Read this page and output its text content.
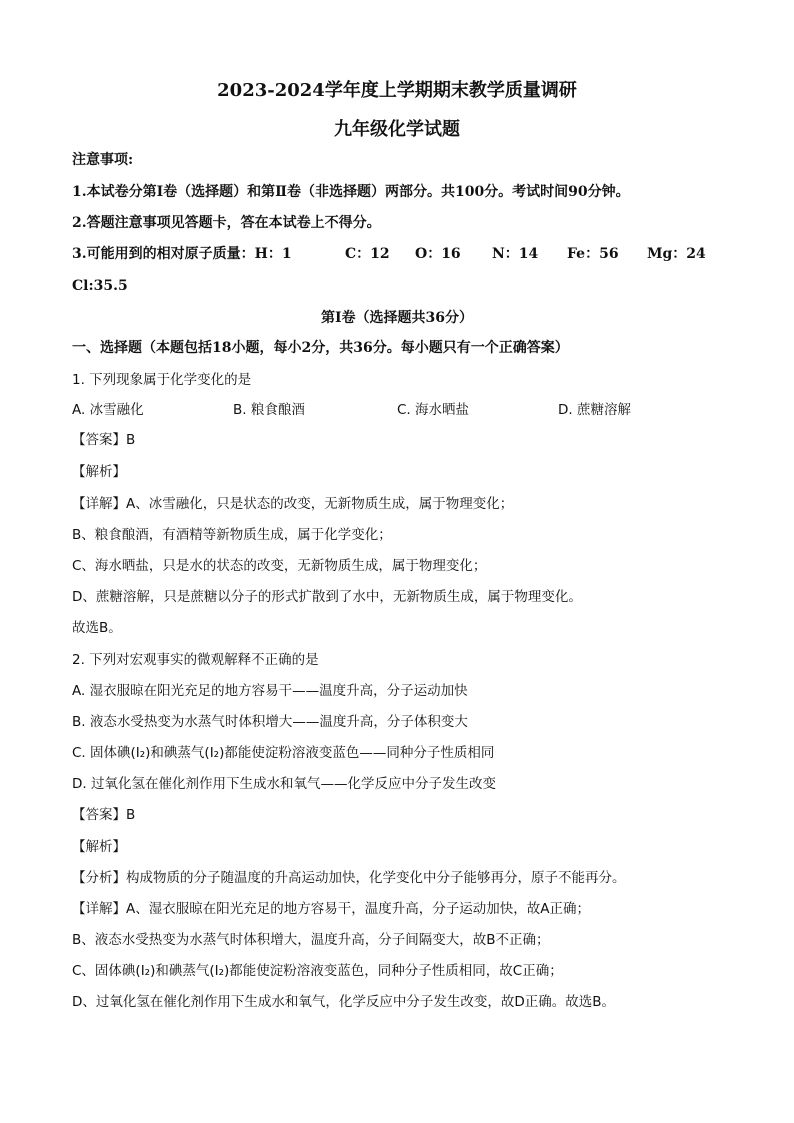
2023-2024学年度上学期期末教学质量调研
九年级化学试题
注意事项:
1.本试卷分第Ⅰ卷（选择题）和第Ⅱ卷（非选择题）两部分。共100分。考试时间90分钟。
2.答题注意事项见答题卡，答在本试卷上不得分。
3.可能用到的相对原子质量：H：1	C：12 O：16 N：14 Fe：56 Mg：24
Cl:35.5
第Ⅰ卷（选择题共36分）
一、选择题（本题包括18小题，每小2分，共36分。每小题只有一个正确答案）
1. 下列现象属于化学变化的是
A. 冰雪融化	B. 粮食酿酒	C. 海水晒盐	D. 蔗糖溶解
【答案】B
【解析】
【详解】A、冰雪融化，只是状态的改变，无新物质生成，属于物理变化；
B、粮食酿酒，有酒精等新物质生成，属于化学变化；
C、海水晒盐，只是水的状态的改变，无新物质生成，属于物理变化；
D、蔗糖溶解，只是蔗糖以分子的形式扩散到了水中，无新物质生成，属于物理变化。
故选B。
2. 下列对宏观事实的微观解释不正确的是
A. 湿衣服晾在阳光充足的地方容易干——温度升高，分子运动加快
B. 液态水受热变为水蒸气时体积增大——温度升高，分子体积变大
C. 固体碘(I₂)和碘蒸气(I₂)都能使淀粉溶液变蓝色——同种分子性质相同
D. 过氧化氢在催化剂作用下生成水和氧气——化学反应中分子发生改变
【答案】B
【解析】
【分析】构成物质的分子随温度的升高运动加快，化学变化中分子能够再分，原子不能再分。
【详解】A、湿衣服晾在阳光充足的地方容易干，温度升高，分子运动加快，故A正确；
B、液态水受热变为水蒸气时体积增大，温度升高，分子间隔变大，故B不正确；
C、固体碘(I₂)和碘蒸气(I₂)都能使淀粉溶液变蓝色，同种分子性质相同，故C正确；
D、过氧化氢在催化剂作用下生成水和氧气，化学反应中分子发生改变，故D正确。故选B。
